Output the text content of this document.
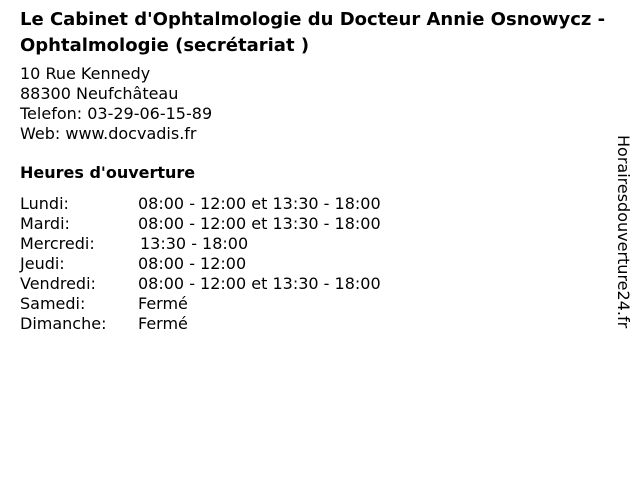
Le Cabinet d'Ophtalmologie du Docteur Annie Osnowycz - Ophtalmologie (secrétariat )
10 Rue Kennedy
88300 Neufchâteau
Telefon: 03-29-06-15-89
Web: www.docvadis.fr
Heures d'ouverture
Lundi:	08:00 - 12:00 et 13:30 - 18:00
Mardi:	08:00 - 12:00 et 13:30 - 18:00
Mercredi:	13:30 - 18:00
Jeudi:	08:00 - 12:00
Vendredi:	08:00 - 12:00 et 13:30 - 18:00
Samedi:	Fermé
Dimanche: Fermé	Horairesdouverture24.fr
